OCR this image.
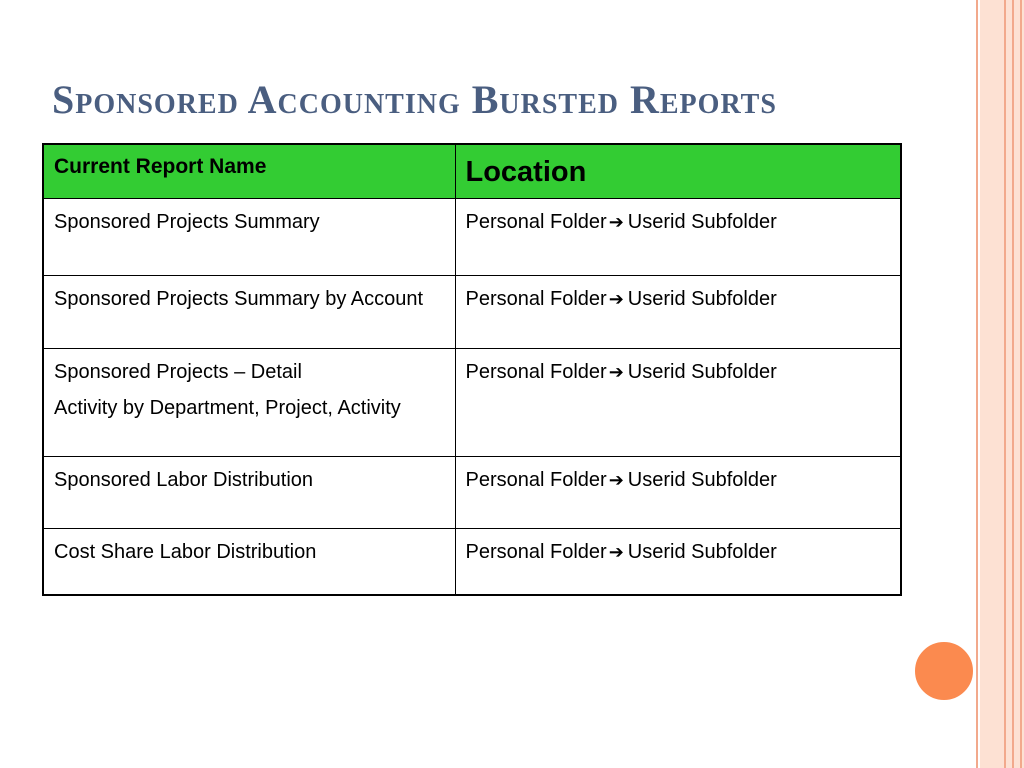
Sponsored Accounting Bursted Reports
Current Report Name	Location

Sponsored Projects Summary	Personal Folder ➔ Userid Subfolder

Sponsored Projects Summary by Account	Personal Folder ➔ Userid Subfolder

Sponsored Projects – Detail
Activity by Department, Project, Activity	Personal Folder ➔ Userid Subfolder

Sponsored Labor Distribution	Personal Folder ➔ Userid Subfolder

Cost Share Labor Distribution	Personal Folder ➔ Userid Subfolder
